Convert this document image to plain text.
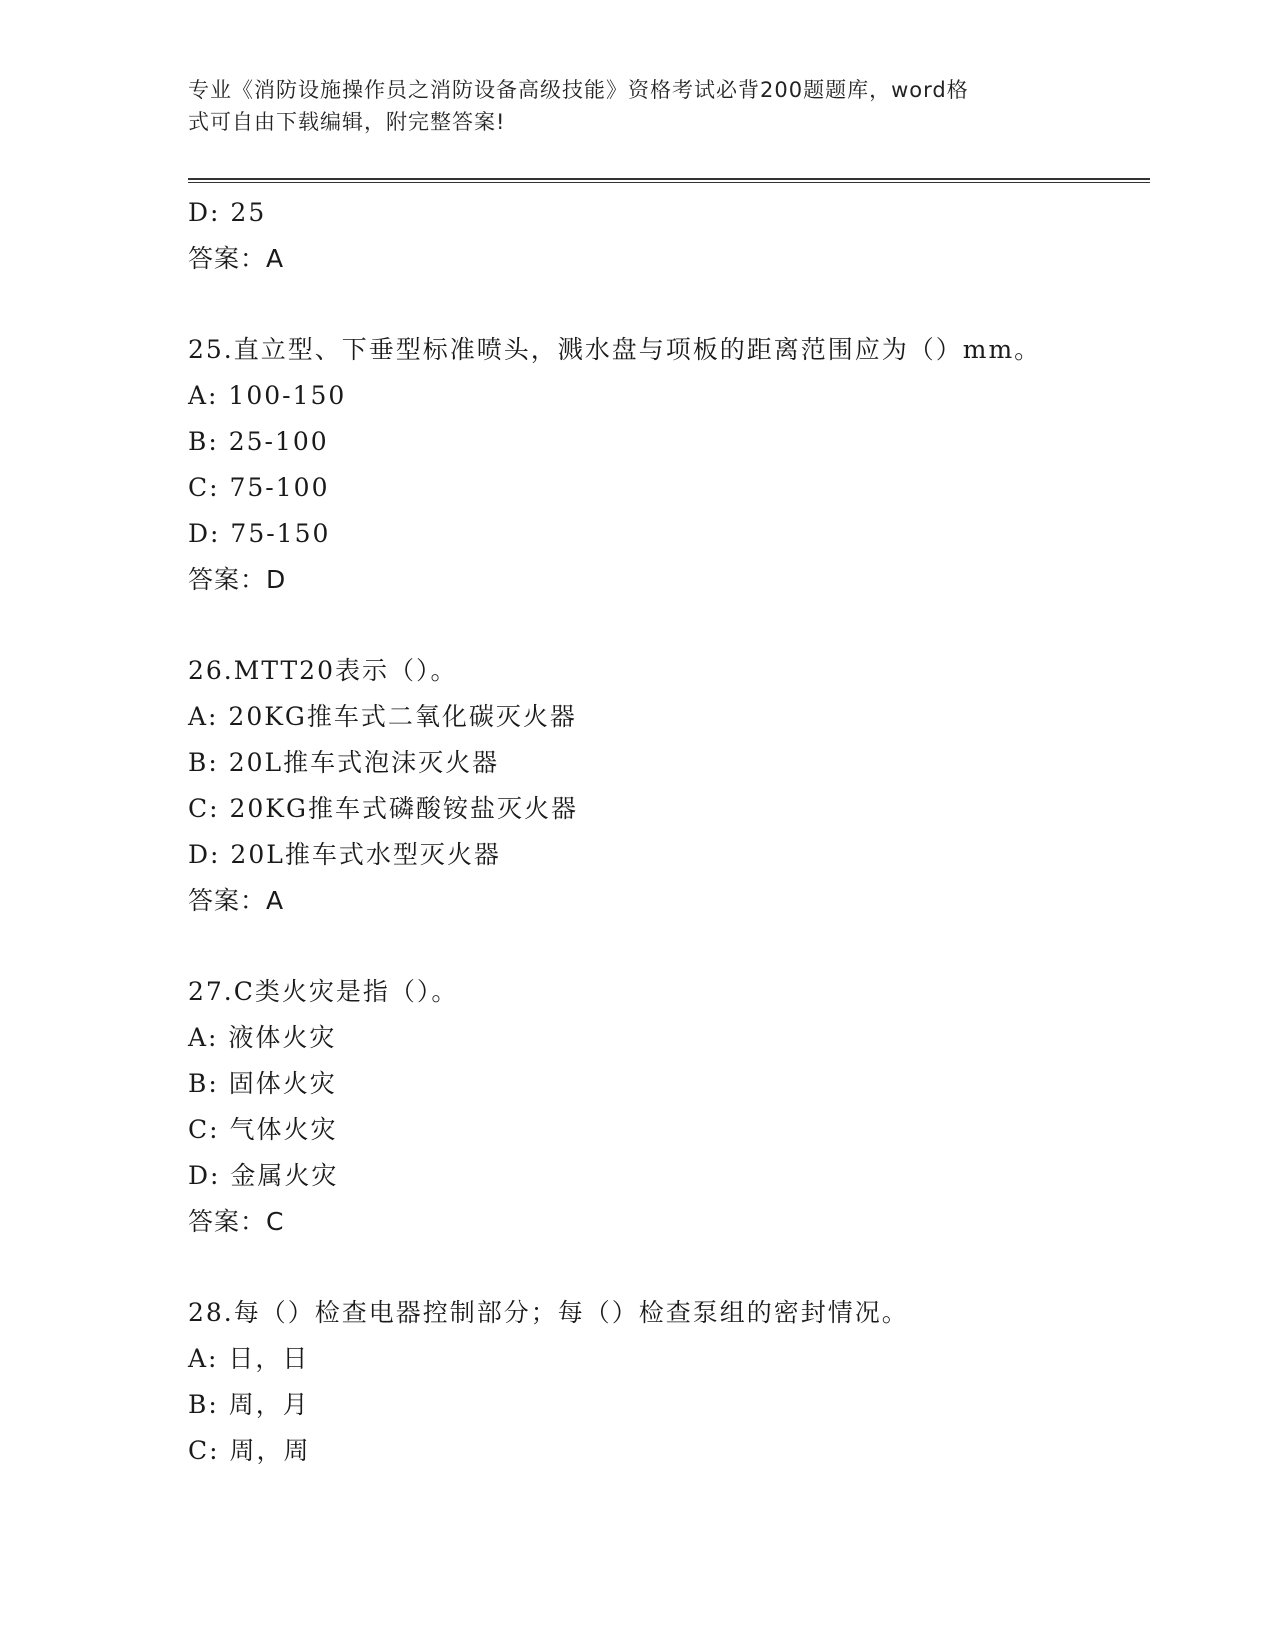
专业《消防设施操作员之消防设备高级技能》资格考试必背200题题库，word格
式可自由下载编辑，附完整答案!
D: 25
答案：A
25.直立型、下垂型标准喷头，溅水盘与项板的距离范围应为（）mm。
A: 100-150
B: 25-100
C: 75-100
D: 75-150
答案：D
26.MTT20表示（）。
A: 20KG推车式二氧化碳灭火器
B: 20L推车式泡沫灭火器
C: 20KG推车式磷酸铵盐灭火器
D: 20L推车式水型灭火器
答案：A
27.C类火灾是指（）。
A: 液体火灾
B: 固体火灾
C: 气体火灾
D: 金属火灾
答案：C
28.每（）检查电器控制部分；每（）检查泵组的密封情况。
A: 日，日
B: 周，月
C: 周，周
